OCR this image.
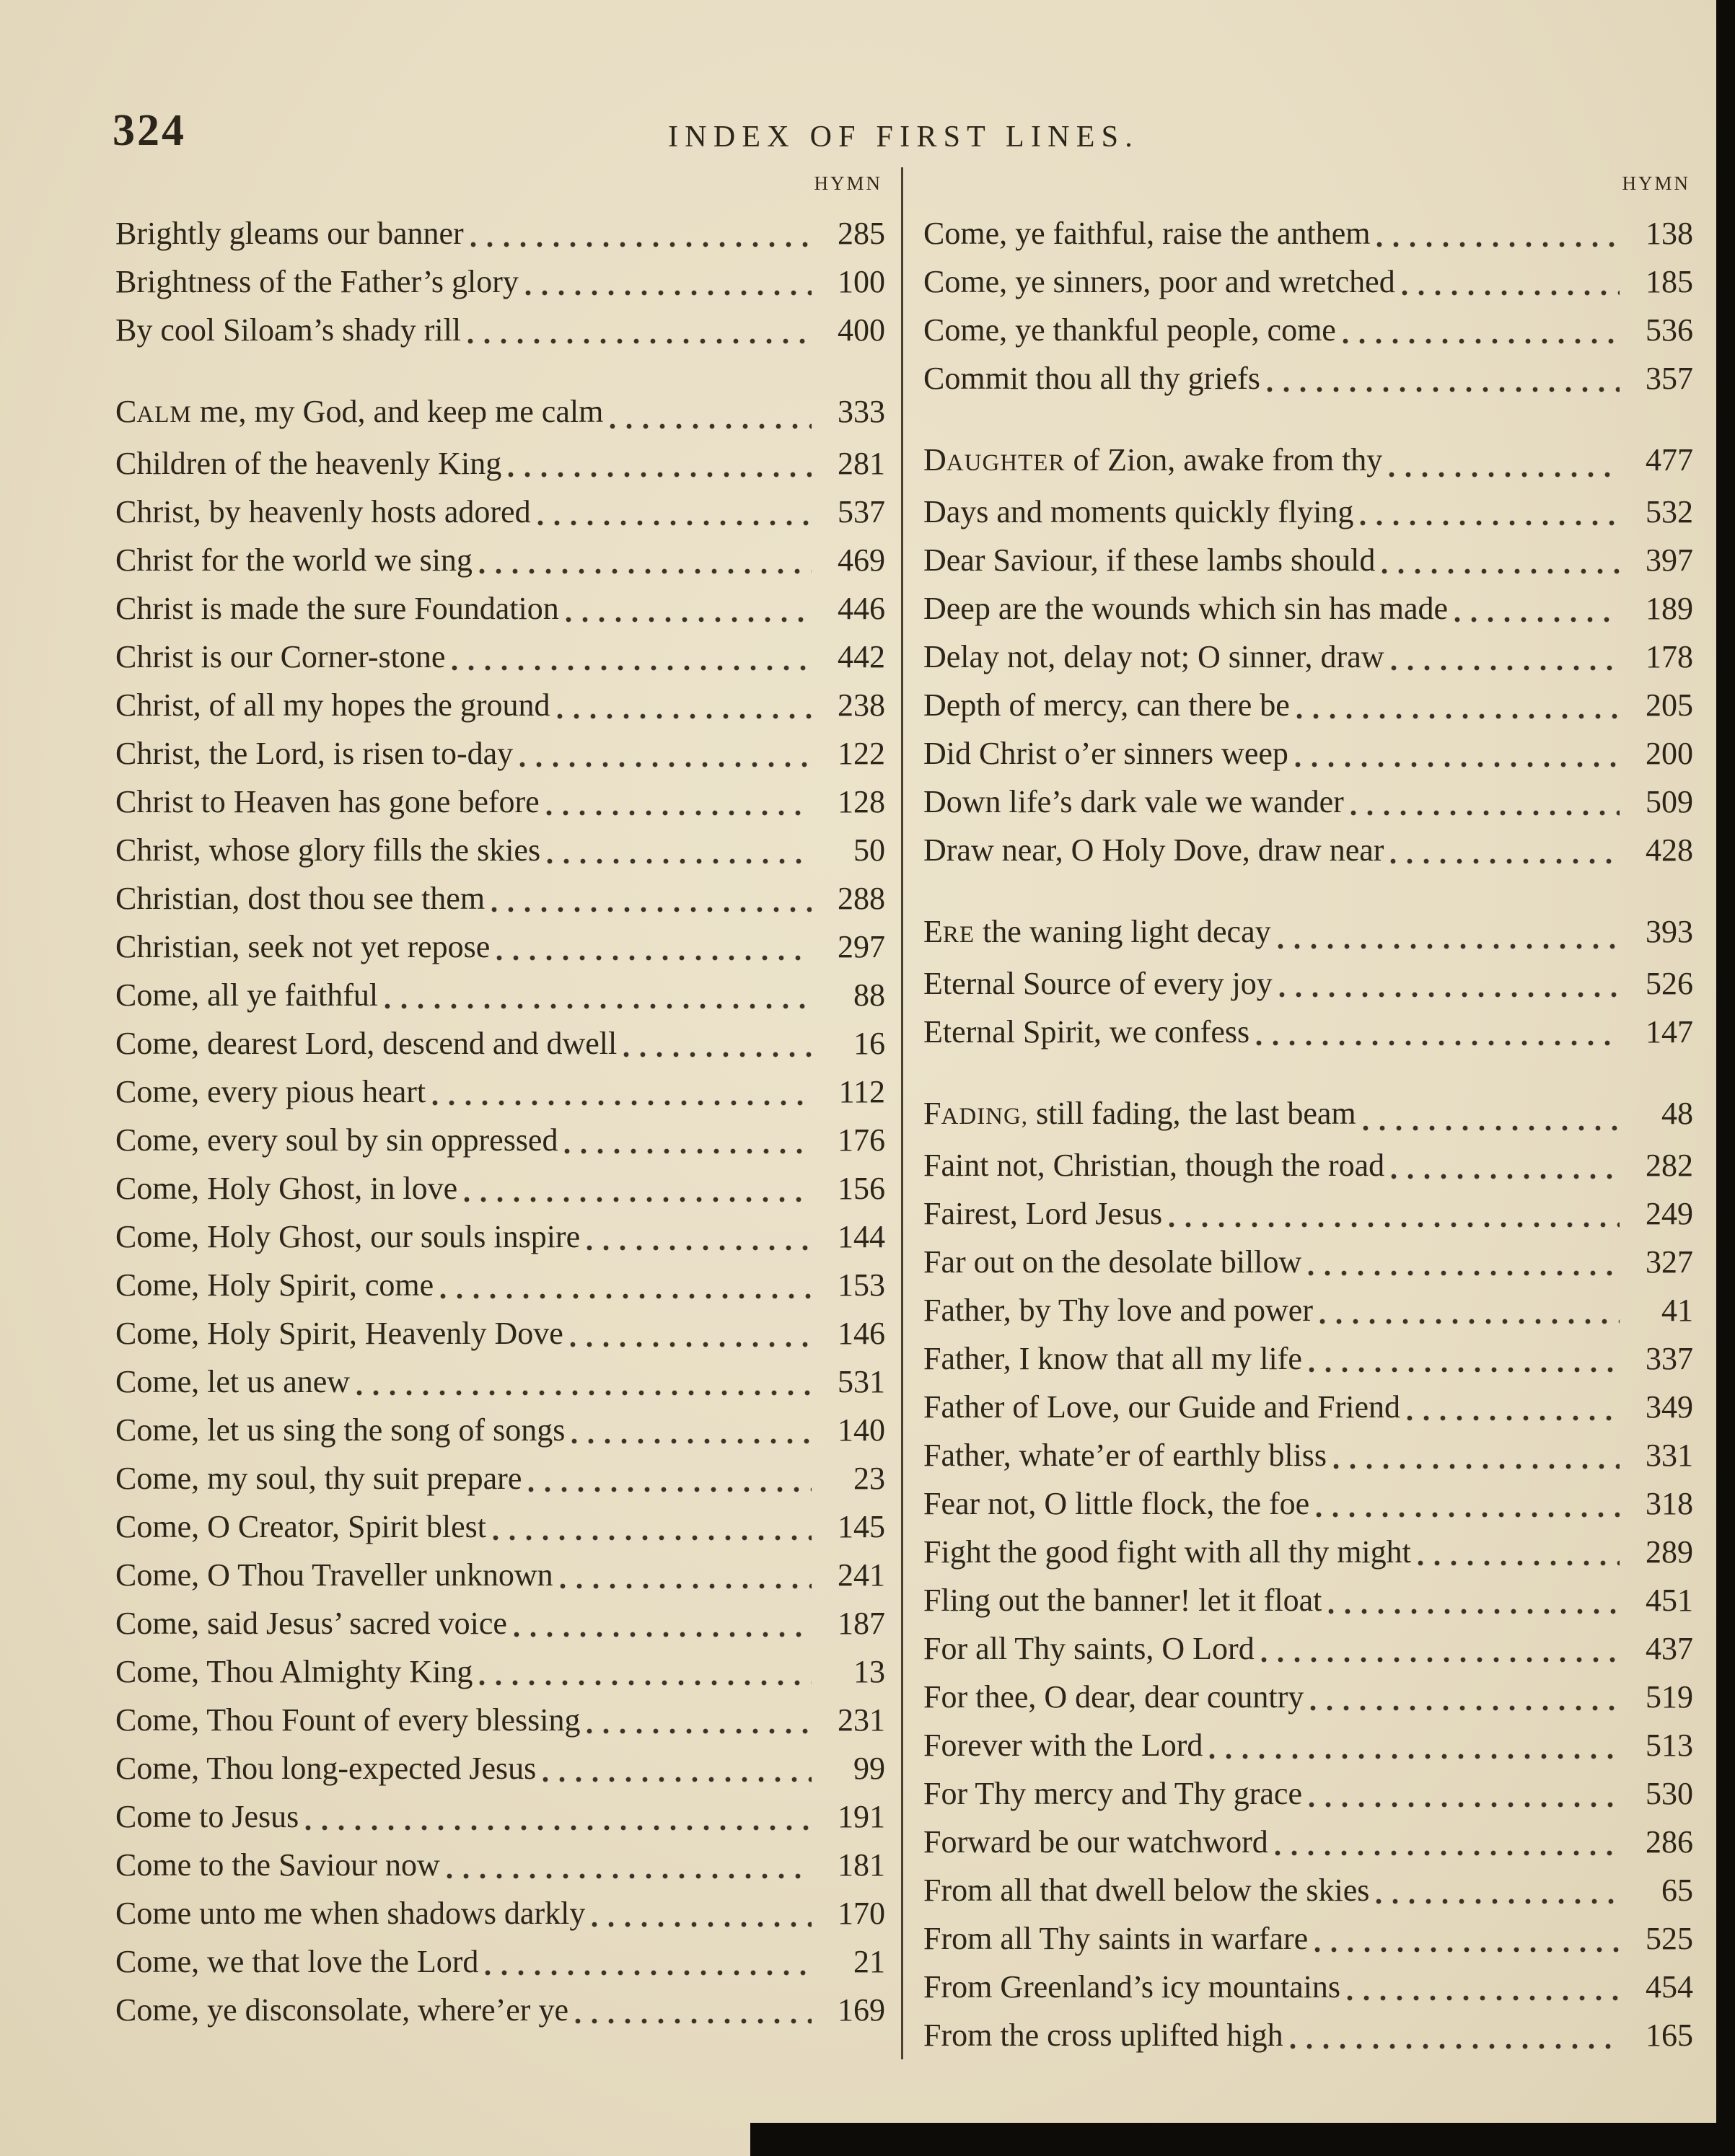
324	INDEX OF FIRST LINES.
HYMN
Brightly gleams our banner	285
Brightness of the Father’s glory	100
By cool Siloam’s shady rill	400
CALM me, my God, and keep me calm	333
Children of the heavenly King	281
Christ, by heavenly hosts adored	537
Christ for the world we sing	469
Christ is made the sure Foundation	446
Christ is our Corner-stone	442
Christ, of all my hopes the ground	238
Christ, the Lord, is risen to-day	122
Christ to Heaven has gone before	128
Christ, whose glory fills the skies	50
Christian, dost thou see them	288
Christian, seek not yet repose	297
Come, all ye faithful	88
Come, dearest Lord, descend and dwell	16
Come, every pious heart	112
Come, every soul by sin oppressed	176
Come, Holy Ghost, in love	156
Come, Holy Ghost, our souls inspire	144
Come, Holy Spirit, come	153
Come, Holy Spirit, Heavenly Dove	146
Come, let us anew	531
Come, let us sing the song of songs	140
Come, my soul, thy suit prepare	23
Come, O Creator, Spirit blest	145
Come, O Thou Traveller unknown	241
Come, said Jesus’ sacred voice	187
Come, Thou Almighty King	13
Come, Thou Fount of every blessing	231
Come, Thou long-expected Jesus	99
Come to Jesus	191
Come to the Saviour now	181
Come unto me when shadows darkly	170
Come, we that love the Lord	21
Come, ye disconsolate, where’er ye	169
HYMN
Come, ye faithful, raise the anthem	138
Come, ye sinners, poor and wretched	185
Come, ye thankful people, come	536
Commit thou all thy griefs	357
DAUGHTER of Zion, awake from thy	477
Days and moments quickly flying	532
Dear Saviour, if these lambs should	397
Deep are the wounds which sin has made	189
Delay not, delay not; O sinner, draw	178
Depth of mercy, can there be	205
Did Christ o’er sinners weep	200
Down life’s dark vale we wander	509
Draw near, O Holy Dove, draw near	428
ERE the waning light decay	393
Eternal Source of every joy	526
Eternal Spirit, we confess	147
FADING, still fading, the last beam	48
Faint not, Christian, though the road	282
Fairest, Lord Jesus	249
Far out on the desolate billow	327
Father, by Thy love and power	41
Father, I know that all my life	337
Father of Love, our Guide and Friend	349
Father, whate’er of earthly bliss	331
Fear not, O little flock, the foe	318
Fight the good fight with all thy might	289
Fling out the banner! let it float	451
For all Thy saints, O Lord	437
For thee, O dear, dear country	519
Forever with the Lord	513
For Thy mercy and Thy grace	530
Forward be our watchword	286
From all that dwell below the skies	65
From all Thy saints in warfare	525
From Greenland’s icy mountains	454
From the cross uplifted high	165
